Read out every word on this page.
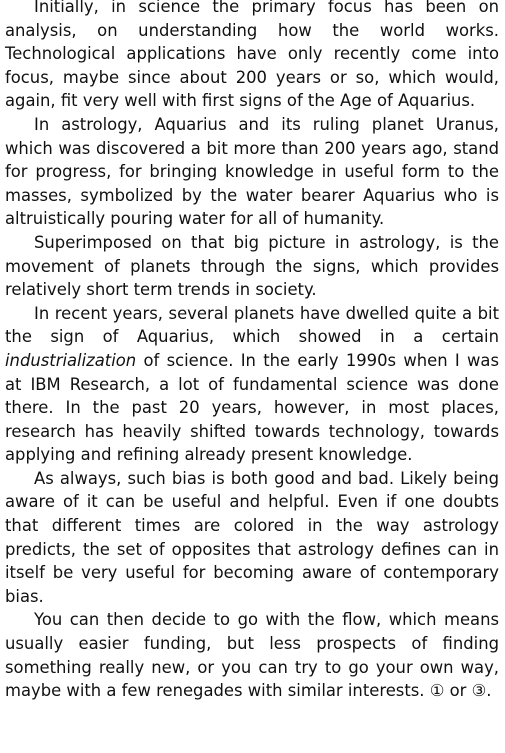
Initially, in science the primary focus has been on analysis, on understanding how the world works. Technological applications have only recently come into focus, maybe since about 200 years or so, which would, again, fit very well with first signs of the Age of Aquarius.

In astrology, Aquarius and its ruling planet Uranus, which was discovered a bit more than 200 years ago, stand for progress, for bringing knowledge in useful form to the masses, symbolized by the water bearer Aquarius who is altruistically pouring water for all of humanity.

Superimposed on that big picture in astrology, is the movement of planets through the signs, which provides relatively short term trends in society.

In recent years, several planets have dwelled quite a bit the sign of Aquarius, which showed in a certain industrialization of science. In the early 1990s when I was at IBM Research, a lot of fundamental science was done there. In the past 20 years, however, in most places, research has heavily shifted towards technology, towards applying and refining already present knowledge.

As always, such bias is both good and bad. Likely being aware of it can be useful and helpful. Even if one doubts that different times are colored in the way astrology predicts, the set of opposites that astrology defines can in itself be very useful for becoming aware of contemporary bias.

You can then decide to go with the flow, which means usually easier funding, but less prospects of finding something really new, or you can try to go your own way, maybe with a few renegades with similar interests. ① or ③.
